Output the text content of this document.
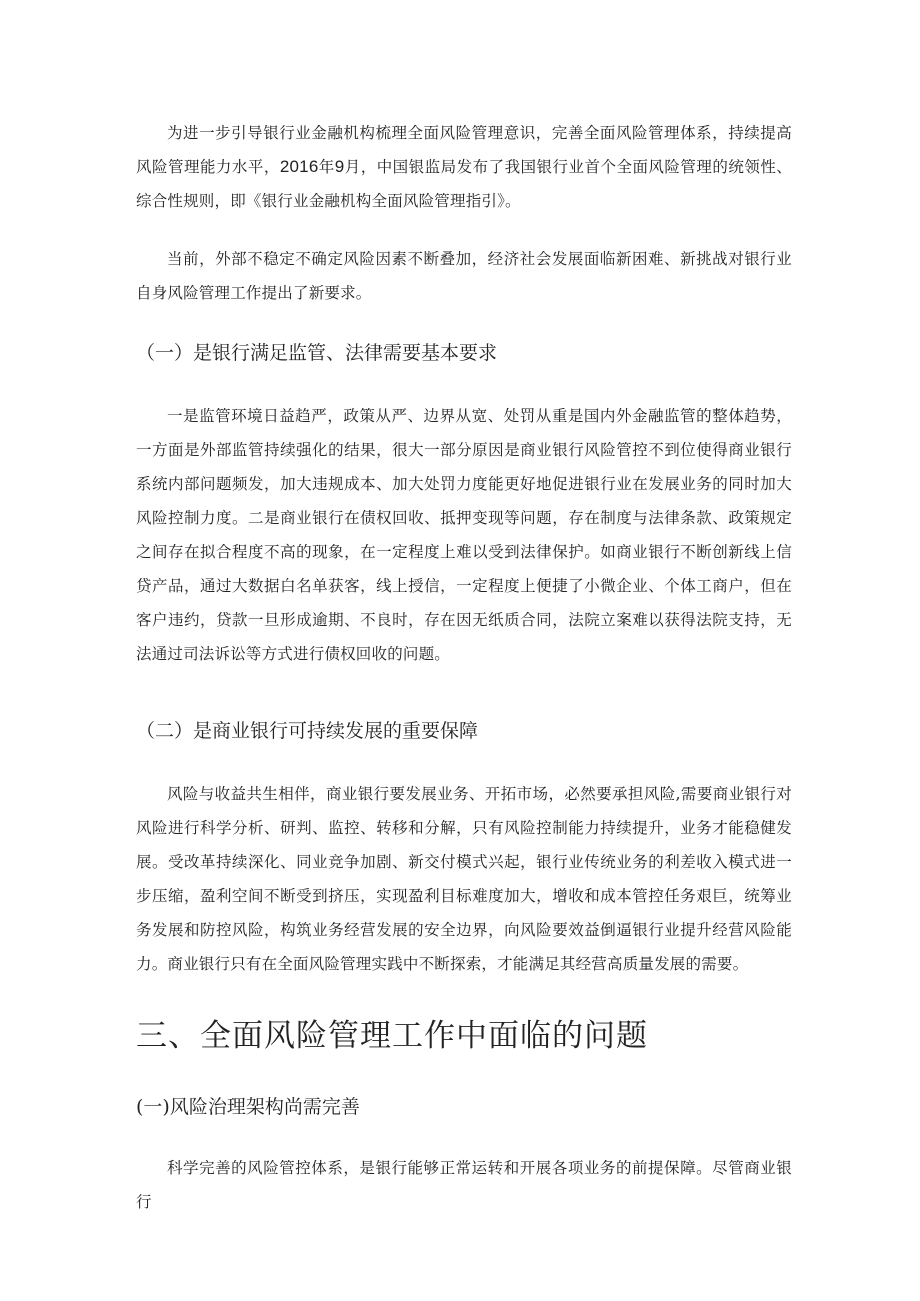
为进一步引导银行业金融机构梳理全面风险管理意识，完善全面风险管理体系，持续提高风险管理能力水平，2016年9月，中国银监局发布了我国银行业首个全面风险管理的统领性、综合性规则，即《银行业金融机构全面风险管理指引》。

当前，外部不稳定不确定风险因素不断叠加，经济社会发展面临新困难、新挑战对银行业自身风险管理工作提出了新要求。

（一）是银行满足监管、法律需要基本要求

一是监管环境日益趋严，政策从严、边界从宽、处罚从重是国内外金融监管的整体趋势，一方面是外部监管持续强化的结果，很大一部分原因是商业银行风险管控不到位使得商业银行系统内部问题频发，加大违规成本、加大处罚力度能更好地促进银行业在发展业务的同时加大风险控制力度。二是商业银行在债权回收、抵押变现等问题，存在制度与法律条款、政策规定之间存在拟合程度不高的现象，在一定程度上难以受到法律保护。如商业银行不断创新线上信贷产品，通过大数据白名单获客，线上授信，一定程度上便捷了小微企业、个体工商户，但在客户违约，贷款一旦形成逾期、不良时，存在因无纸质合同，法院立案难以获得法院支持，无法通过司法诉讼等方式进行债权回收的问题。

（二）是商业银行可持续发展的重要保障

风险与收益共生相伴，商业银行要发展业务、开拓市场，必然要承担风险,需要商业银行对风险进行科学分析、研判、监控、转移和分解，只有风险控制能力持续提升，业务才能稳健发展。受改革持续深化、同业竞争加剧、新交付模式兴起，银行业传统业务的利差收入模式进一步压缩，盈利空间不断受到挤压，实现盈利目标难度加大，增收和成本管控任务艰巨，统筹业务发展和防控风险，构筑业务经营发展的安全边界，向风险要效益倒逼银行业提升经营风险能力。商业银行只有在全面风险管理实践中不断探索，才能满足其经营高质量发展的需要。

三、全面风险管理工作中面临的问题
(一)风险治理架构尚需完善

科学完善的风险管控体系，是银行能够正常运转和开展各项业务的前提保障。尽管商业银行
